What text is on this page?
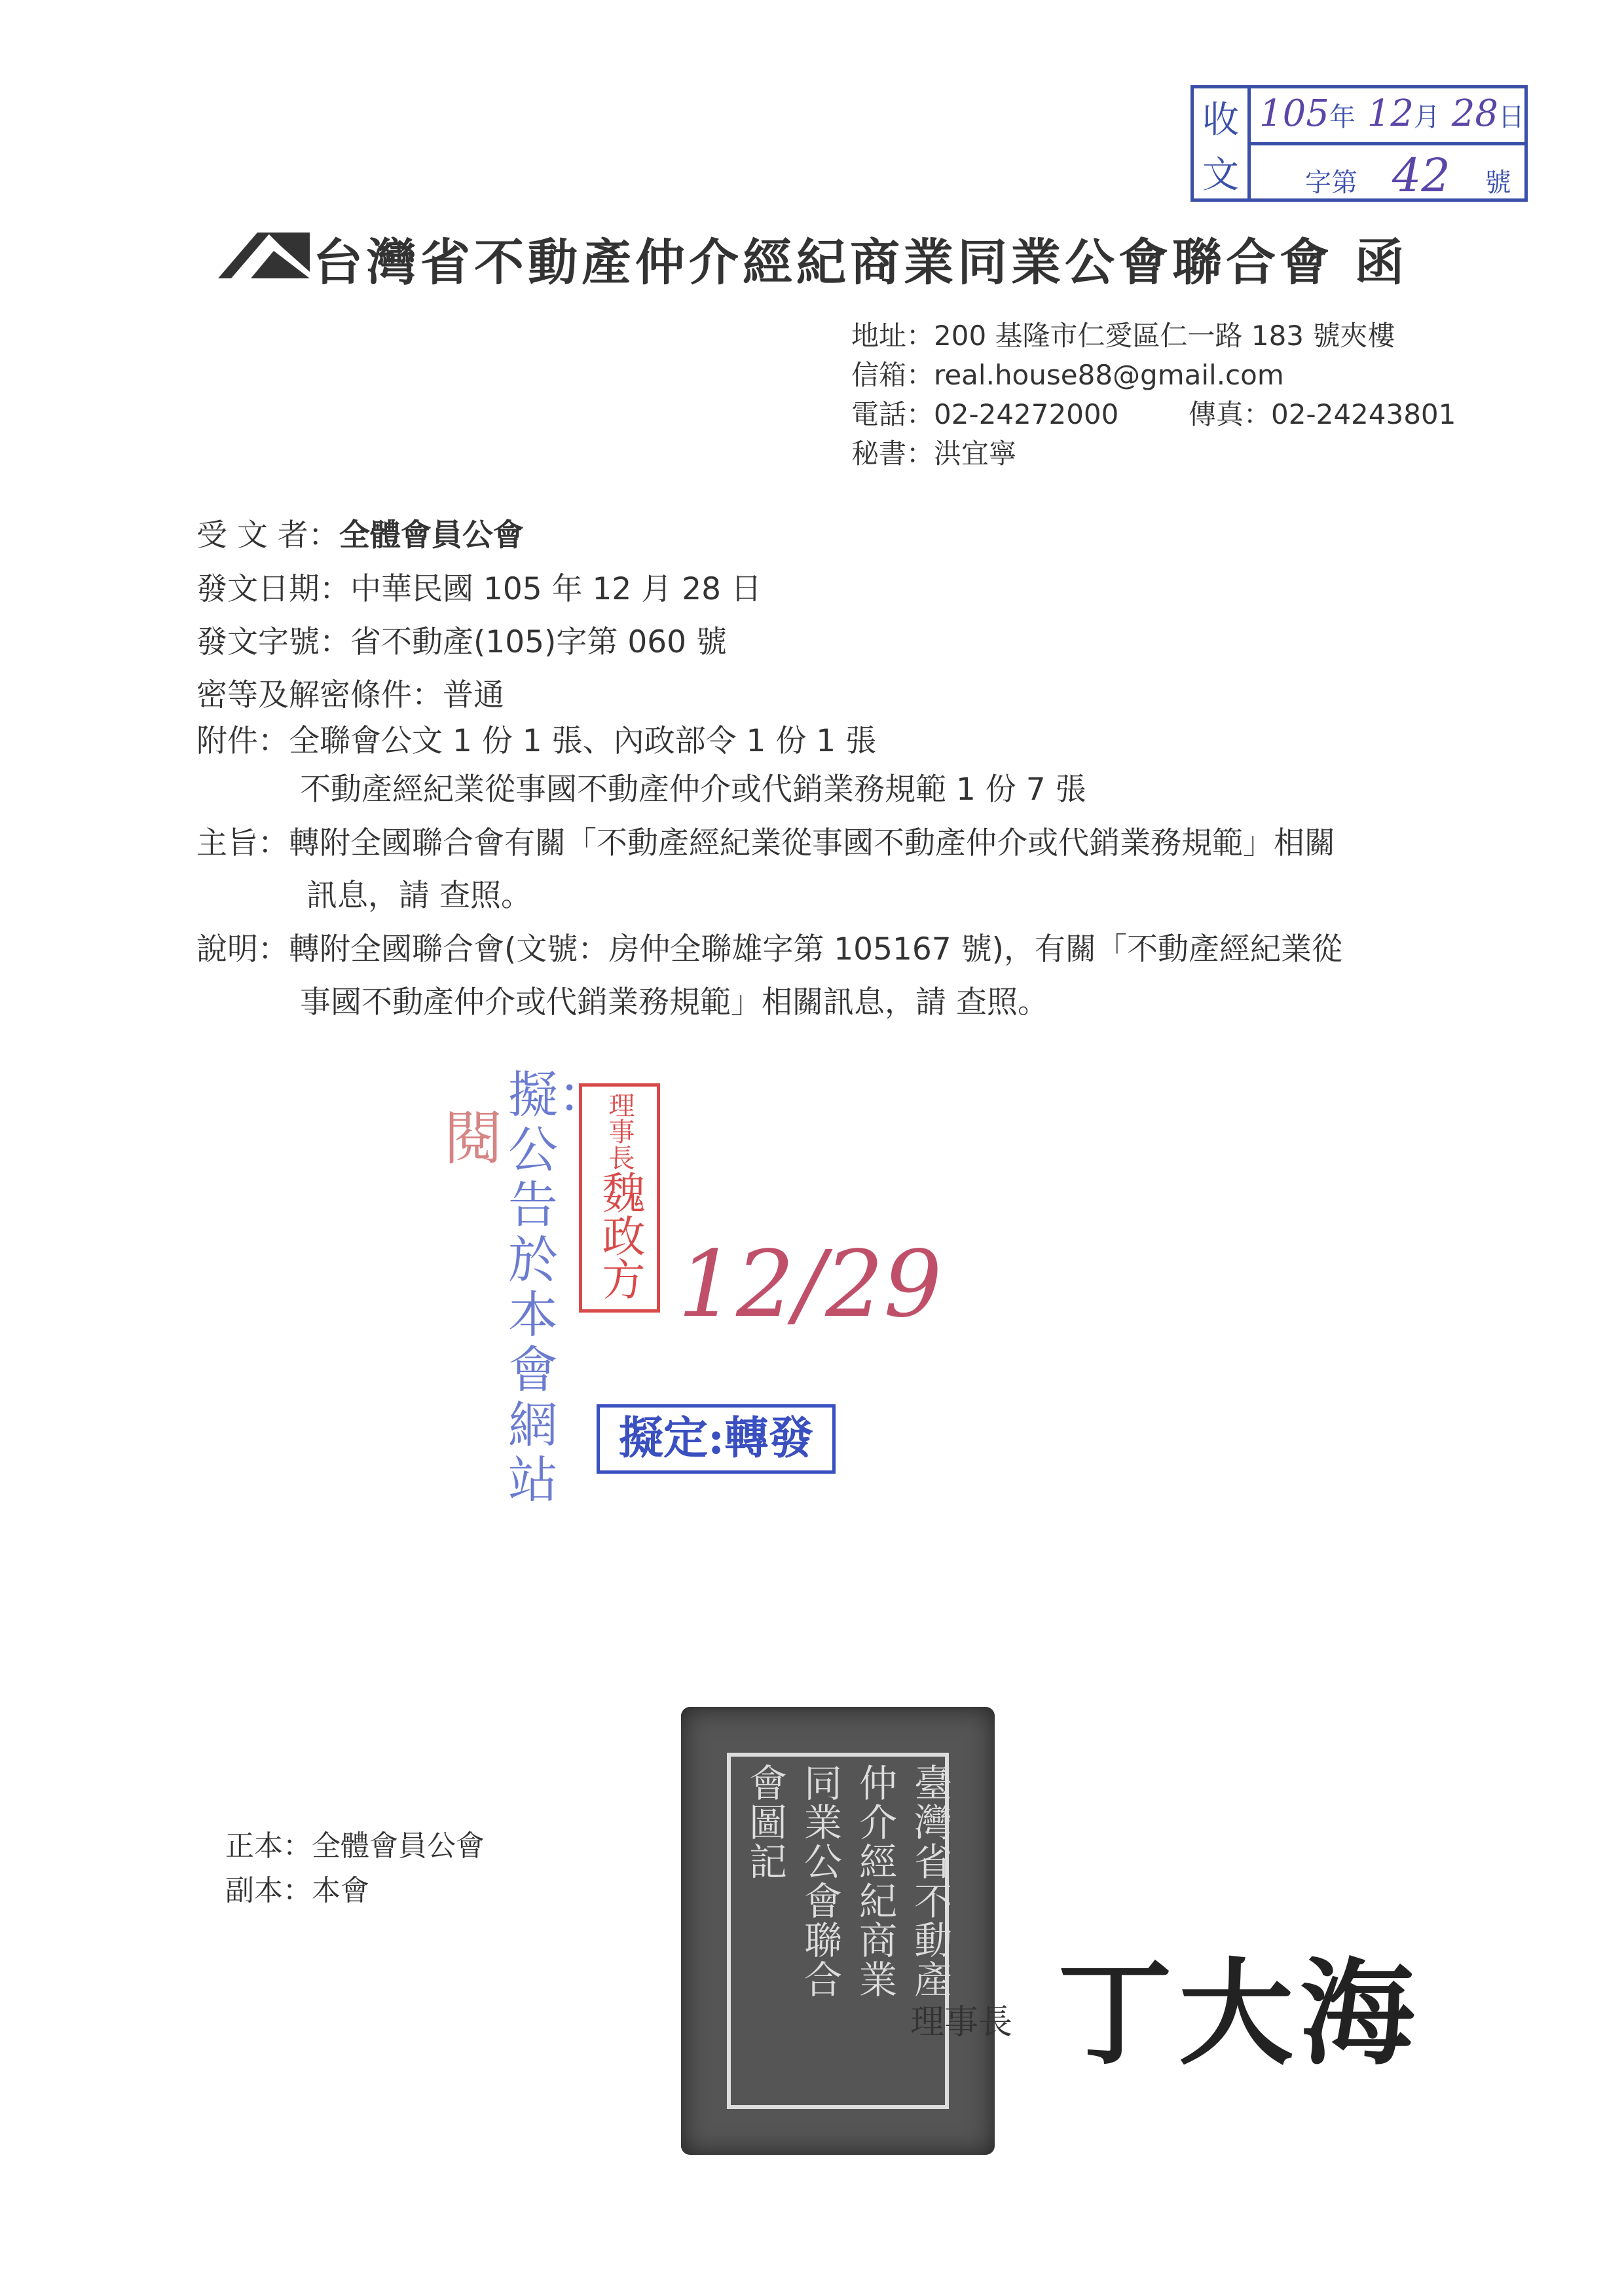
收
文
105年 12月 28日
字第 42 號
台灣省不動產仲介經紀商業同業公會聯合會 函
地址：200 基隆市仁愛區仁一路 183 號夾樓
信箱：real.house88@gmail.com
電話：02-24272000	傳真：02-24243801
秘書：洪宜寧
受 文 者：全體會員公會
發文日期：中華民國 105 年 12 月 28 日
發文字號：省不動產(105)字第 060 號
密等及解密條件：普通
附件：全聯會公文 1 份 1 張、內政部令 1 份 1 張
不動產經紀業從事國不動產仲介或代銷業務規範 1 份 7 張
主旨：轉附全國聯合會有關「不動產經紀業從事國不動產仲介或代銷業務規範」相關
訊息，請 查照。
說明：轉附全國聯合會(文號：房仲全聯雄字第 105167 號)，有關「不動產經紀業從
事國不動產仲介或代銷業務規範」相關訊息，請 查照。
閱
擬：公告於本會網站
理事長
魏政方 12/29
擬定:轉發
臺灣省不動產
仲介經紀商業
同業公會聯合
會圖記
正本：全體會員公會
副本：本會
理事長 丁大海
